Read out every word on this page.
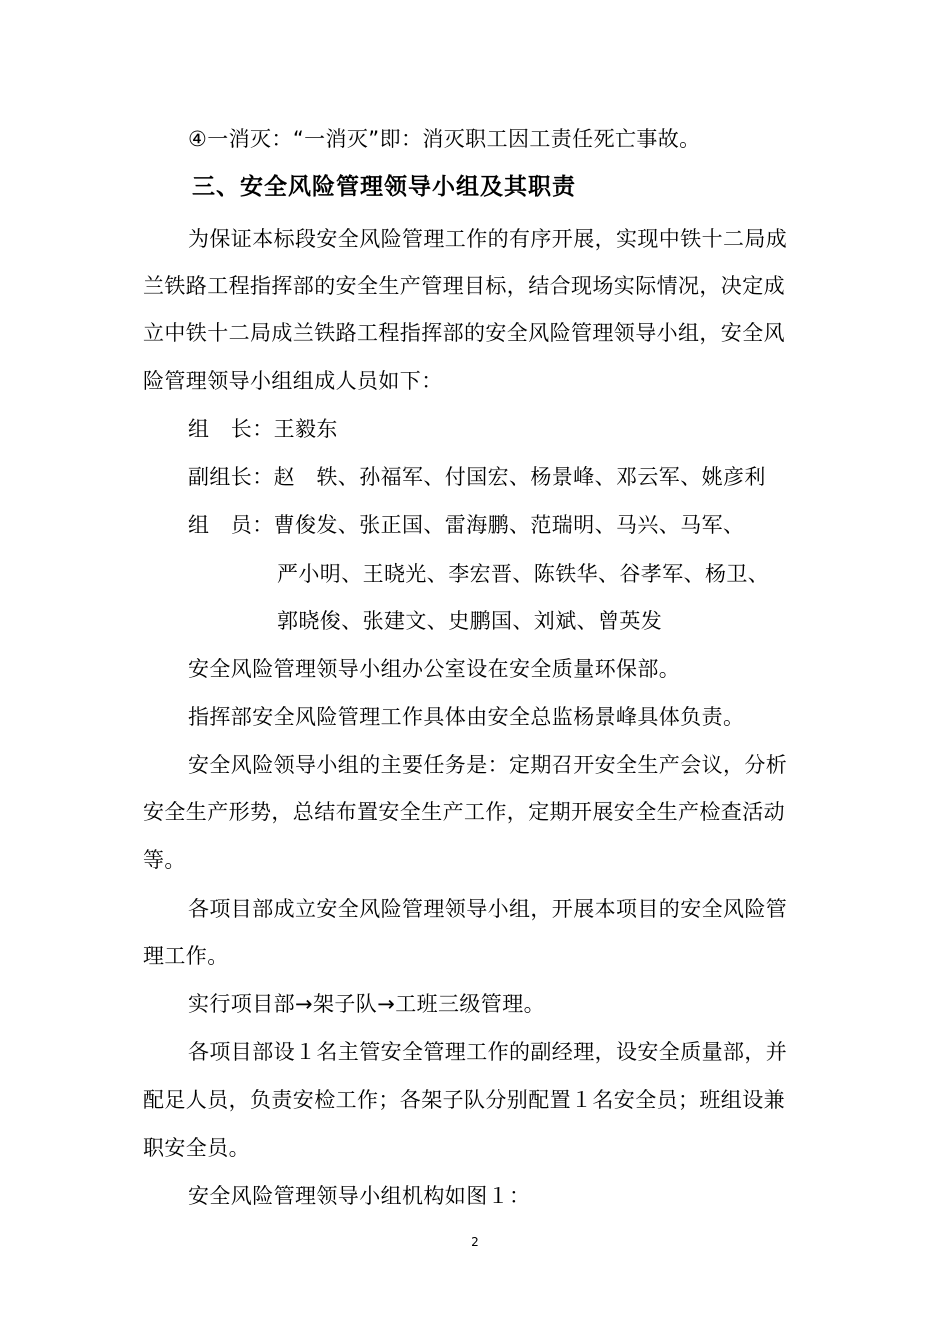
④一消灭：“一消灭”即：消灭职工因工责任死亡事故。
三、安全风险管理领导小组及其职责
为保证本标段安全风险管理工作的有序开展，实现中铁十二局成
兰铁路工程指挥部的安全生产管理目标，结合现场实际情况，决定成
立中铁十二局成兰铁路工程指挥部的安全风险管理领导小组，安全风
险管理领导小组组成人员如下：
组　长：王毅东
副组长：赵　轶、孙福军、付国宏、杨景峰、邓云军、姚彦利
组　员：曹俊发、张正国、雷海鹏、范瑞明、马兴、马军、
严小明、王晓光、李宏晋、陈铁华、谷孝军、杨卫、
郭晓俊、张建文、史鹏国、刘斌、曾英发
安全风险管理领导小组办公室设在安全质量环保部。
指挥部安全风险管理工作具体由安全总监杨景峰具体负责。
安全风险领导小组的主要任务是：定期召开安全生产会议，分析
安全生产形势，总结布置安全生产工作，定期开展安全生产检查活动
等。
各项目部成立安全风险管理领导小组，开展本项目的安全风险管
理工作。
实行项目部→架子队→工班三级管理。
各项目部设１名主管安全管理工作的副经理，设安全质量部，并
配足人员，负责安检工作；各架子队分别配置１名安全员；班组设兼
职安全员。
安全风险管理领导小组机构如图１：
2
